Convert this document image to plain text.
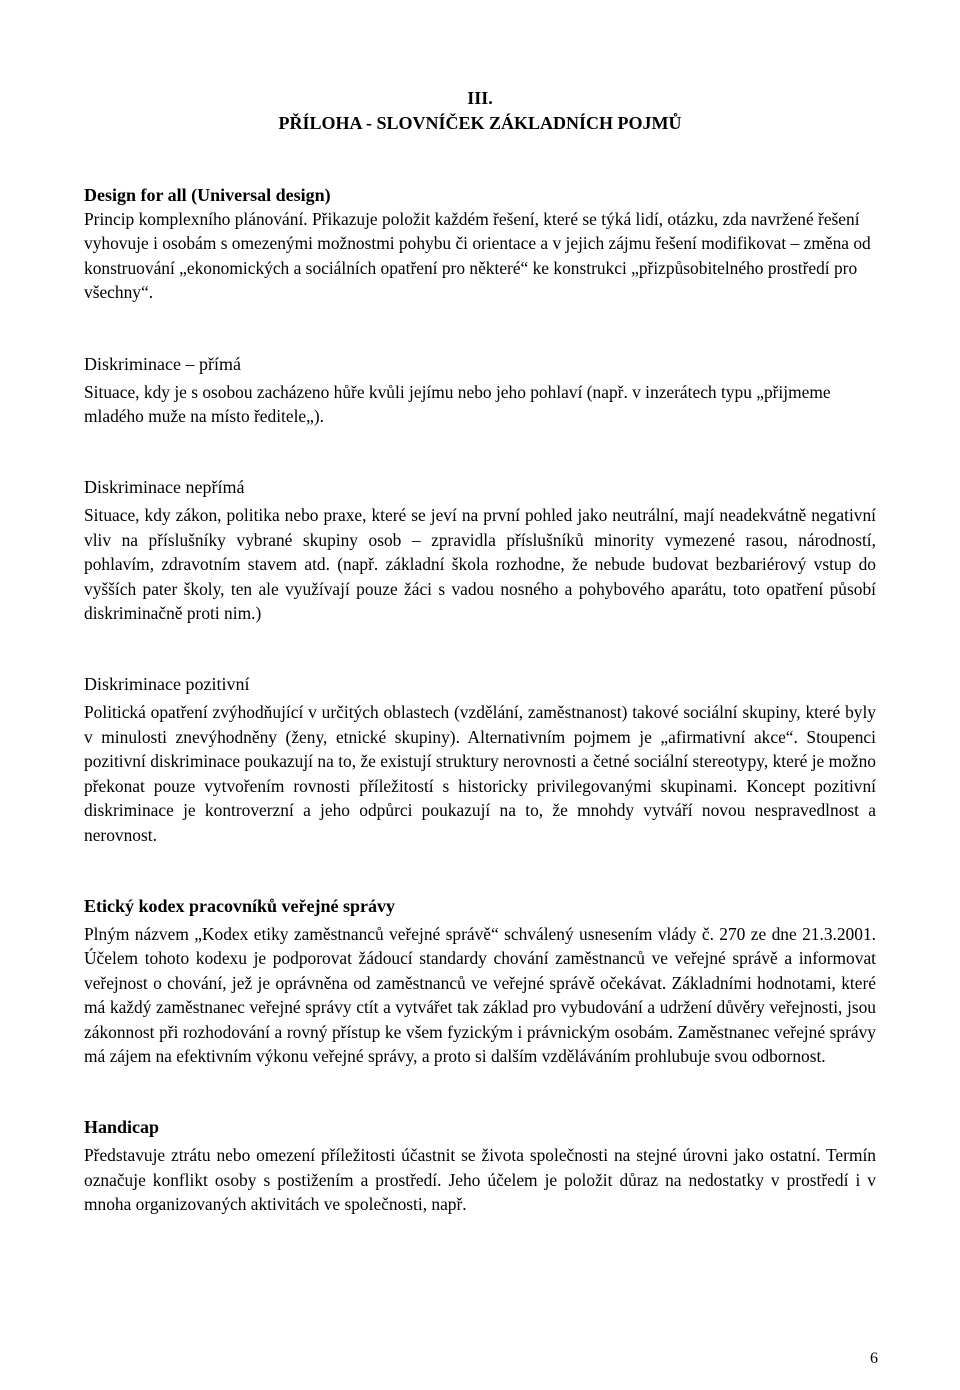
III.

PŘÍLOHA - SLOVNÍČEK ZÁKLADNÍCH POJMŮ

Design for all (Universal design)

Princip komplexního plánování. Přikazuje položit každém řešení, které se týká lidí, otázku, zda navržené řešení vyhovuje i osobám s omezenými možnostmi pohybu či orientace a v jejich zájmu řešení modifikovat – změna od konstruování „ekonomických a sociálních opatření pro některé“ ke konstrukci „přizpůsobitelného prostředí pro všechny“.

Diskriminace – přímá

Situace, kdy je s osobou zacházeno hůře kvůli jejímu nebo jeho pohlaví (např. v inzerátech typu „přijmeme mladého muže na místo ředitele„).

Diskriminace nepřímá

Situace, kdy zákon, politika nebo praxe, které se jeví na první pohled jako neutrální, mají neadekvátně negativní vliv na příslušníky vybrané skupiny osob – zpravidla příslušníků minority vymezené rasou, národností, pohlavím, zdravotním stavem atd. (např. základní škola rozhodne, že nebude budovat bezbariérový vstup do vyšších pater školy, ten ale využívají pouze žáci s vadou nosného a pohybového aparátu, toto opatření působí diskriminačně proti nim.)

Diskriminace pozitivní

Politická opatření zvýhodňující v určitých oblastech (vzdělání, zaměstnanost) takové sociální skupiny, které byly v minulosti znevýhodněny (ženy, etnické skupiny). Alternativním pojmem je „afirmativní akce“. Stoupenci pozitivní diskriminace poukazují na to, že existují struktury nerovnosti a četné sociální stereotypy, které je možno překonat pouze vytvořením rovnosti příležitostí s historicky privilegovanými skupinami. Koncept pozitivní diskriminace je kontroverzní a jeho odpůrci poukazují na to, že mnohdy vytváří novou nespravedlnost a nerovnost.

Etický kodex pracovníků veřejné správy

Plným názvem „Kodex etiky zaměstnanců veřejné správě“ schválený usnesením vlády č. 270 ze dne 21.3.2001. Účelem tohoto kodexu je podporovat žádoucí standardy chování zaměstnanců ve veřejné správě a informovat veřejnost o chování, jež je oprávněna od zaměstnanců ve veřejné správě očekávat. Základními hodnotami, které má každý zaměstnanec veřejné správy ctít a vytvářet tak základ pro vybudování a udržení důvěry veřejnosti, jsou zákonnost při rozhodování a rovný přístup ke všem fyzickým i právnickým osobám. Zaměstnanec veřejné správy má zájem na efektivním výkonu veřejné správy, a proto si dalším vzděláváním prohlubuje svou odbornost.

Handicap

Představuje ztrátu nebo omezení příležitosti účastnit se života společnosti na stejné úrovni jako ostatní. Termín označuje konflikt osoby s postižením a prostředí. Jeho účelem je položit důraz na nedostatky v prostředí i v mnoha organizovaných aktivitách ve společnosti, např.

6
